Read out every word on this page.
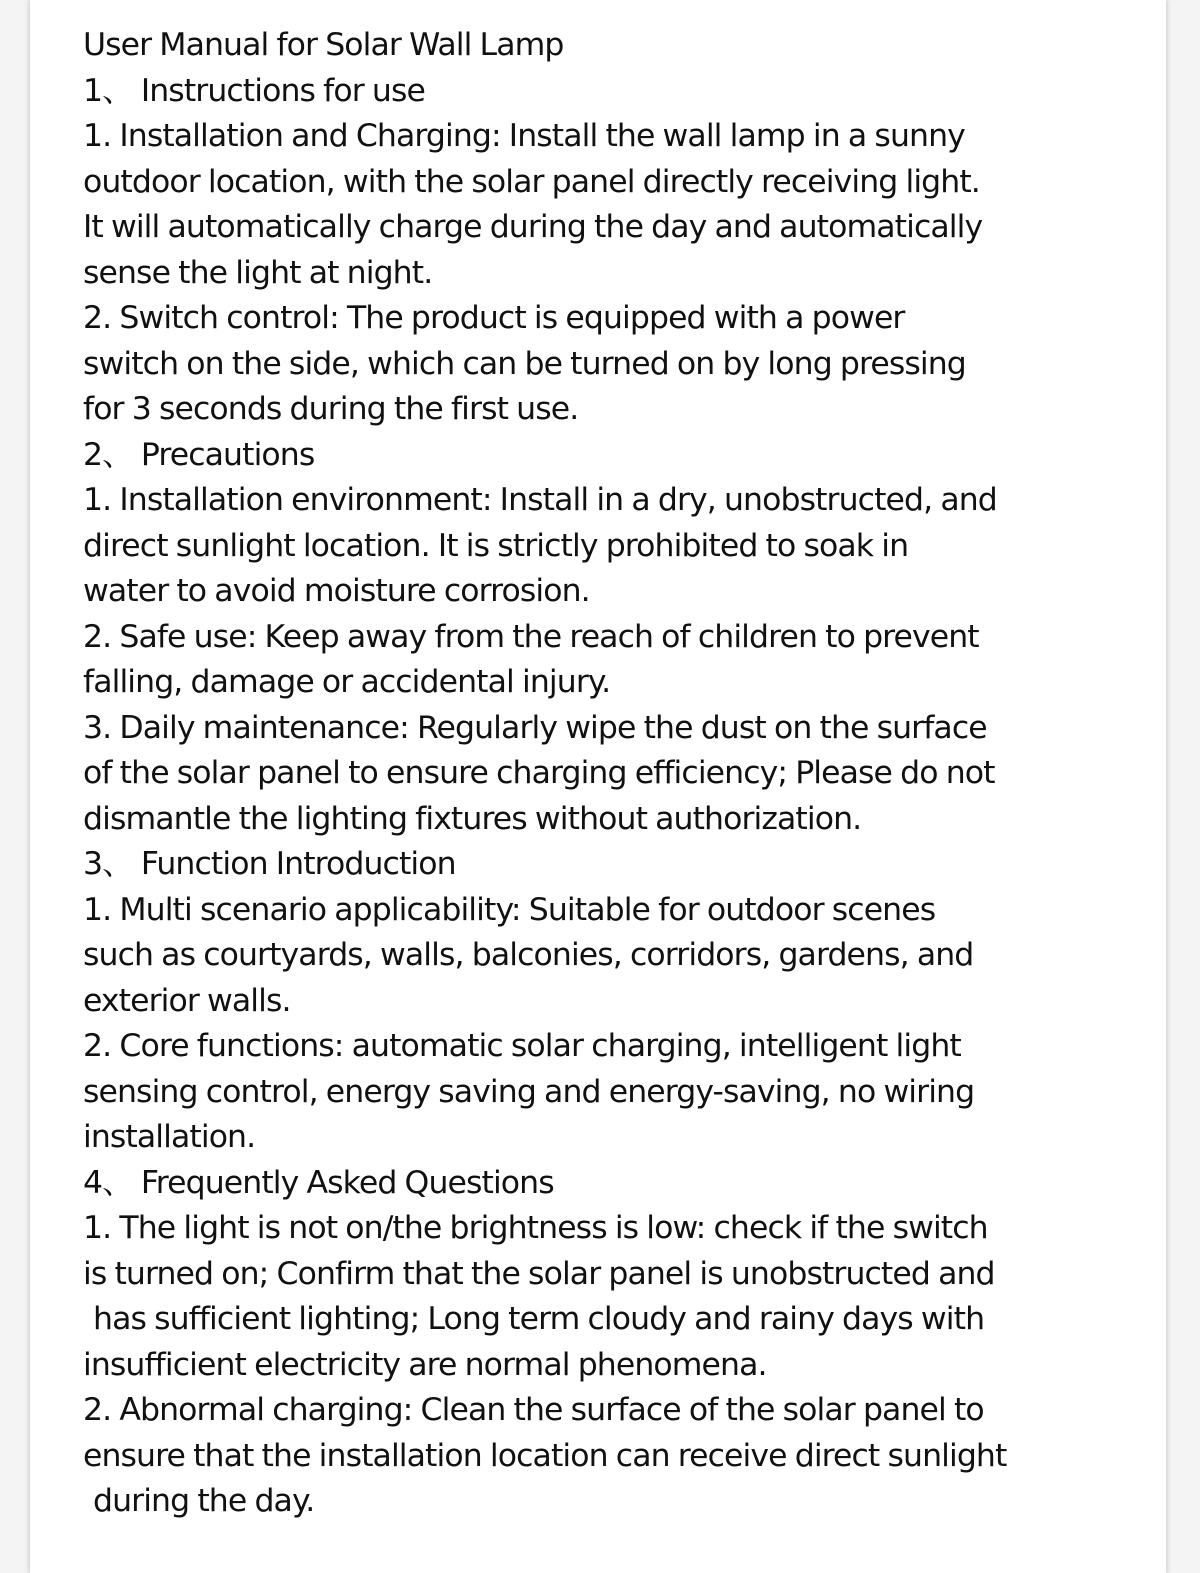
User Manual for Solar Wall Lamp
1、 Instructions for use
1. Installation and Charging: Install the wall lamp in a sunny
outdoor location, with the solar panel directly receiving light.
It will automatically charge during the day and automatically
sense the light at night.
2. Switch control: The product is equipped with a power
switch on the side, which can be turned on by long pressing
for 3 seconds during the first use.
2、 Precautions
1. Installation environment: Install in a dry, unobstructed, and
direct sunlight location. It is strictly prohibited to soak in
water to avoid moisture corrosion.
2. Safe use: Keep away from the reach of children to prevent
falling, damage or accidental injury.
3. Daily maintenance: Regularly wipe the dust on the surface
of the solar panel to ensure charging efficiency; Please do not
dismantle the lighting fixtures without authorization.
3、 Function Introduction
1. Multi scenario applicability: Suitable for outdoor scenes
such as courtyards, walls, balconies, corridors, gardens, and
exterior walls.
2. Core functions: automatic solar charging, intelligent light
sensing control, energy saving and energy-saving, no wiring
installation.
4、 Frequently Asked Questions
1. The light is not on/the brightness is low: check if the switch
is turned on; Confirm that the solar panel is unobstructed and
has sufficient lighting; Long term cloudy and rainy days with
insufficient electricity are normal phenomena.
2. Abnormal charging: Clean the surface of the solar panel to
ensure that the installation location can receive direct sunlight
during the day.
